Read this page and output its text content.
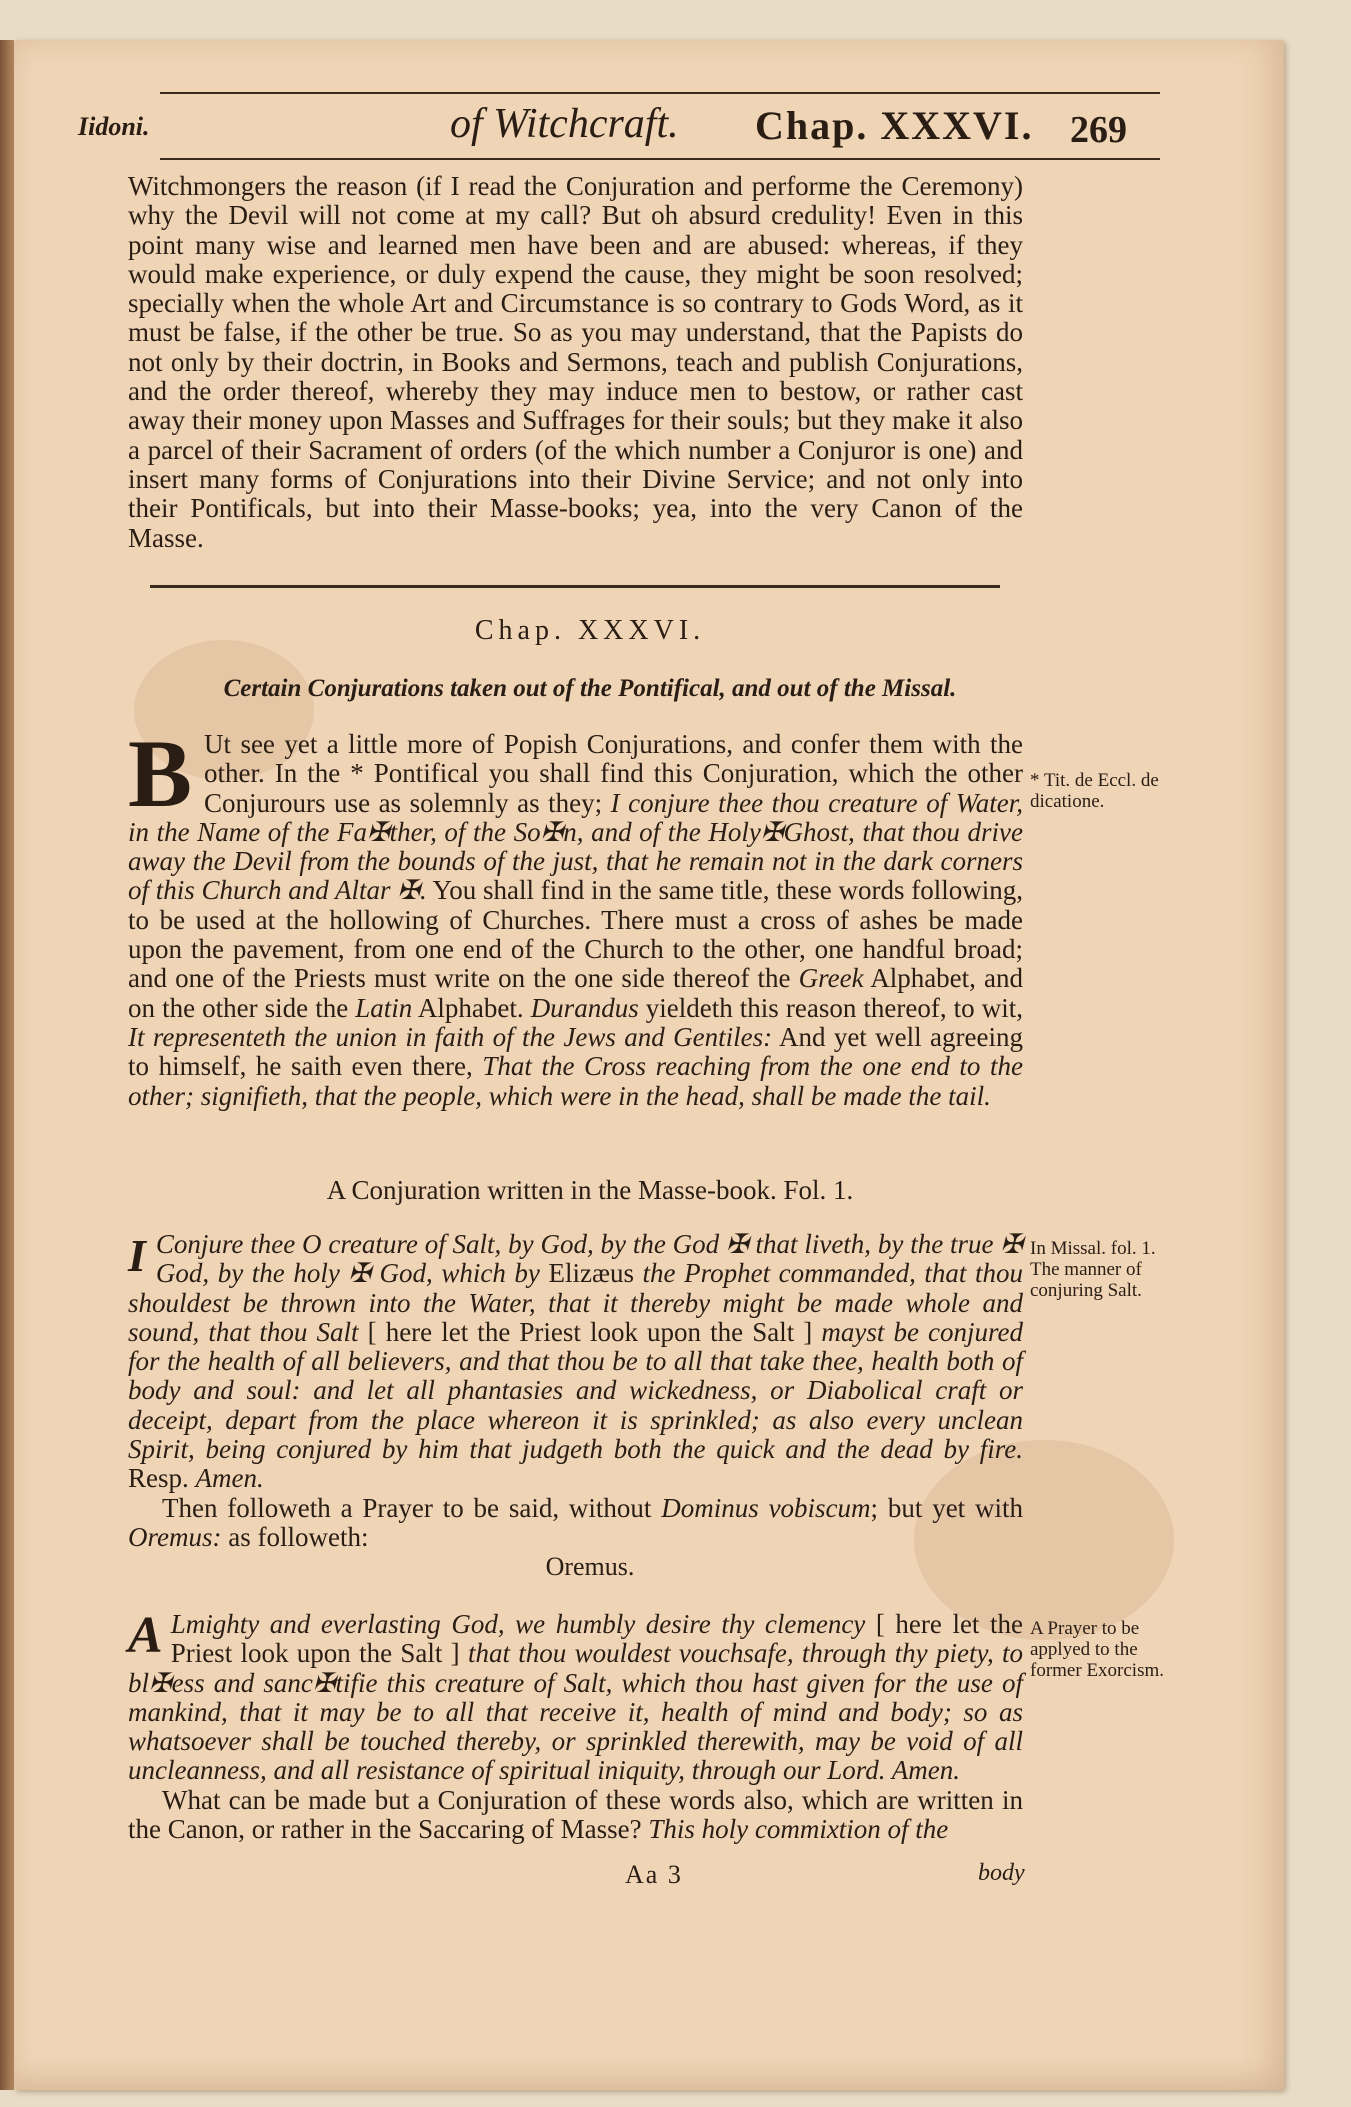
Iidoni.	of Witchcraft. Chap. XXXVI. 269

Witchmongers the reason (if I read the Conjuration and performe the Ceremony) why the Devil will not come at my call? But oh absurd credulity! Even in this point many wise and learned men have been and are abused: whereas, if they would make experience, or duly expend the cause, they might be soon resolved; specially when the whole Art and Circumstance is so contrary to Gods Word, as it must be false, if the other be true. So as you may understand, that the Papists do not only by their doctrin, in Books and Sermons, teach and publish Conjurations, and the order thereof, whereby they may induce men to bestow, or rather cast away their money upon Masses and Suffrages for their souls; but they make it also a parcel of their Sacrament of orders (of the which number a Conjuror is one) and insert many forms of Conjurations into their Divine Service; and not only into their Pontificals, but into their Masse-books; yea, into the very Canon of the Masse.

Chap. XXXVI.
Certain Conjurations taken out of the Pontifical, and out of the Missal.
B Ut see yet a little more of Popish Conjurations, and confer them with the other. In the * Pontifical you shall find this Conjuration, which the other Conjurours use as solemnly as they; I conjure thee thou creature of Water, in the Name of the Fa✠ther, of the So✠n, and of the Holy✠Ghost, that thou drive away the Devil from the bounds of the just, that he remain not in the dark corners of this Church and Altar ✠. You shall find in the same title, these words following, to be used at the hollowing of Churches. There must a cross of ashes be made upon the pavement, from one end of the Church to the other, one handful broad; and one of the Priests must write on the one side thereof the Greek Alphabet, and on the other side the Latin Alphabet. Durandus yieldeth this reason thereof, to wit, It representeth the union in faith of the Jews and Gentiles: And yet well agreeing to himself, he saith even there, That the Cross reaching from the one end to the other; signifieth, that the people, which were in the head, shall be made the tail.
A Conjuration written in the Masse-book. Fol. 1.
I Conjure thee O creature of Salt, by God, by the God ✠ that liveth, by the true ✠ God, by the holy ✠ God, which by Elizæus the Prophet commanded, that thou shouldest be thrown into the Water, that it thereby might be made whole and sound, that thou Salt [ here let the Priest look upon the Salt ] mayst be conjured for the health of all believers, and that thou be to all that take thee, health both of body and soul: and let all phantasies and wickedness, or Diabolical craft or deceipt, depart from the place whereon it is sprinkled; as also every unclean Spirit, being conjured by him that judgeth both the quick and the dead by fire. Resp. Amen.

Then followeth a Prayer to be said, without Dominus vobiscum; but yet with Oremus: as followeth:

Oremus.
A Lmighty and everlasting God, we humbly desire thy clemency [ here let the Priest look upon the Salt ] that thou wouldest vouchsafe, through thy piety, to bl✠ess and sanc✠tifie this creature of Salt, which thou hast given for the use of mankind, that it may be to all that receive it, health of mind and body; so as whatsoever shall be touched thereby, or sprinkled therewith, may be void of all uncleanness, and all resistance of spiritual iniquity, through our Lord. Amen.

What can be made but a Conjuration of these words also, which are written in the Canon, or rather in the Saccaring of Masse? This holy commixtion of the

Aa 3	body
* Tit. de Eccl. de dicatione.
In Missal. fol. 1.
The manner of conjuring Salt.
A Prayer to be applyed to the former Exorcism.
